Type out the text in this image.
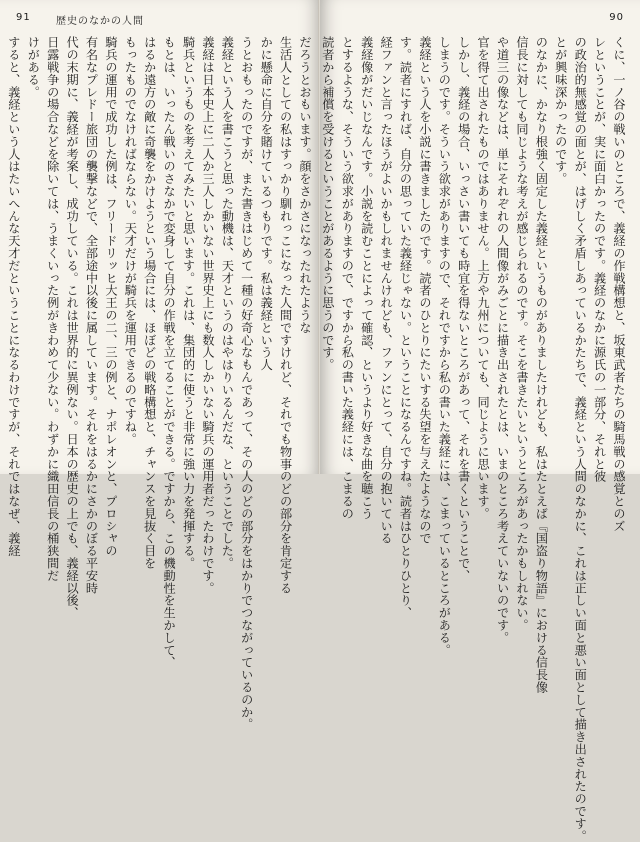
91	歴史のなかの人間
だろうとおもいます。顔をさかさになったれたような
生活人としての私はすっかり馴れっこになった人間ですけれど、それでも物事のどの部分を肯定する
かに懸命に自分を賭けているつもりです。私は義経という人
うとおもったのですが、また書きはじめて一種の好奇心なもんであって、その人のどの部分をはかりでつながっているのか。
義経という人を書こうと思った動機は、天才というのはやはりいるんだな、ということでした。
義経は日本史上に二人か三人しかいない世界史上にも数人しかいない騎兵の運用者だったわけです。
騎兵というものを考えてみたいと思います。これは、集団的に使うと非常に強い力を発揮する。
もとは、いったん戦いのさなかで変身して自分の作戦を立てることができる。ですから、この機動性を生かして、
はるか遠方の敵に奇襲をかけようという場合には、ほぼどの戦略構想と、チャンスを見抜く目を
もったものでなければならない。天才だけが騎兵を運用できるのですね。
騎兵の運用で成功した例は、フリードリッヒ大王の二、三の例と、ナポレオンと、プロシャの
有名なプレドー旅団の襲撃などで、全部途中以後に属しています。それをはるかにさかのぼる平安時
代の末期に、義経が考案し、成功している。これは世界的に異例ない。日本の歴史の上でも、義経以後、
日露戦争の場合などを除いては、うまくいった例がきわめて少ない。わずかに織田信長の桶狭間だ
けがある。
すると、義経という人はたいへんな天才だということになるわけですが、それではなぜ、義経
90
くに、一ノ谷の戦いのところで、義経の作戦構想と、坂東武者たちの騎馬戦の感覚とのズ
レということが、実に面白かったのです。義経のなかに源氏の一部分、それと彼
の政治的無感覚の面とが、はげしく矛盾しあっているかたちで、義経という人間のなかに、これは正しい面と悪い面として描き出されたのです。
とが興味深かったのです。
のなかに、かなり根強く固定した義経というものがありましたけれども、私はたとえば『国盗り物語』における信長像
信長に対しても同じような考えが感じられるのです。そこを書きたいというところがあったかもしれない。
や道三の像などは、単にそれぞれの人間像がみごとに描き出されたとは、いまのところ考えていないのです。
官を得て出されたものではありません。上方や九州についても、同じように思います。
しかし、義経の場合、いっさい書いても時宜を得ないところがあって、それを書くということで、
しまうのです。そういう欲求がありますので、それですから私の書いた義経には、こまっているところがある。
義経という人を小説に書きましたのです。読者のひとりにたいする失望を与えたようなので
す。読者にすれば、自分の思っていた義経じゃない。ということになるんですね。読者はひとりひとり、
経ファンと言ったほうがよいかもしれませんけれども、ファンにとって、自分の抱いている
義経像がだいじなんです。小説を読むことによって確認、というより好きな曲を聴こう
とするような、そういう欲求がありますので、ですから私の書いた義経には、こまるの
読者から補償を受けるということがあるように思うのです。
